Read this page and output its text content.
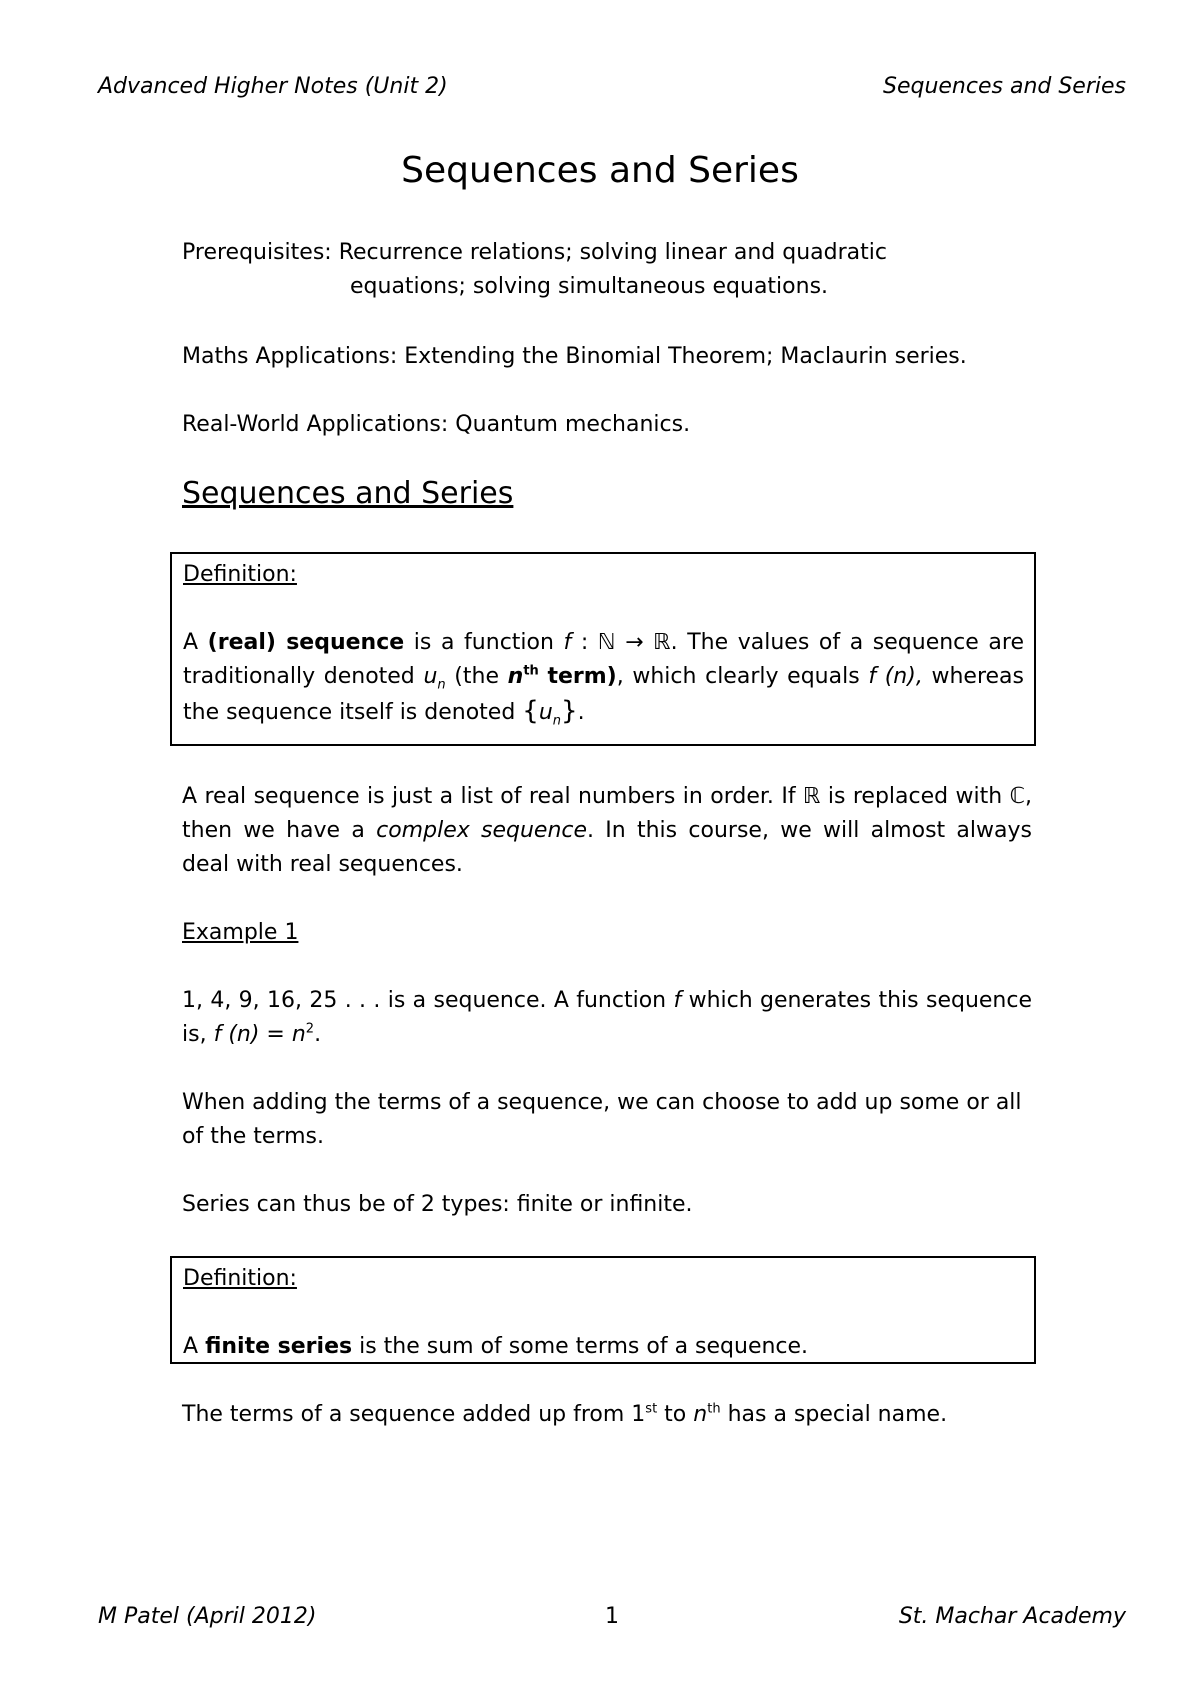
Advanced Higher Notes (Unit 2)	Sequences and Series
Sequences and Series
Prerequisites: Recurrence relations; solving linear and quadratic
equations; solving simultaneous equations.
Maths Applications: Extending the Binomial Theorem; Maclaurin series.
Real-World Applications: Quantum mechanics.
Sequences and Series
Definition:
A (real) sequence is a function f : ℕ → ℝ. The values of a sequence are traditionally denoted $u_n$ (the $n^{th}$ term), which clearly equals f (n), whereas the sequence itself is denoted $\{u_n\}$.
A real sequence is just a list of real numbers in order. If ℝ is replaced with ℂ, then we have a complex sequence. In this course, we will almost always deal with real sequences.
Example 1
1, 4, 9, 16, 25 . . . is a sequence. A function f which generates this sequence is, f $(n) = n^2$.
When adding the terms of a sequence, we can choose to add up some or all of the terms.
Series can thus be of 2 types: finite or infinite.
Definition:
A finite series is the sum of some terms of a sequence.
The terms of a sequence added up from 1st to $n^{th}$ has a special name.
M Patel (April 2012)	1	St. Machar Academy
